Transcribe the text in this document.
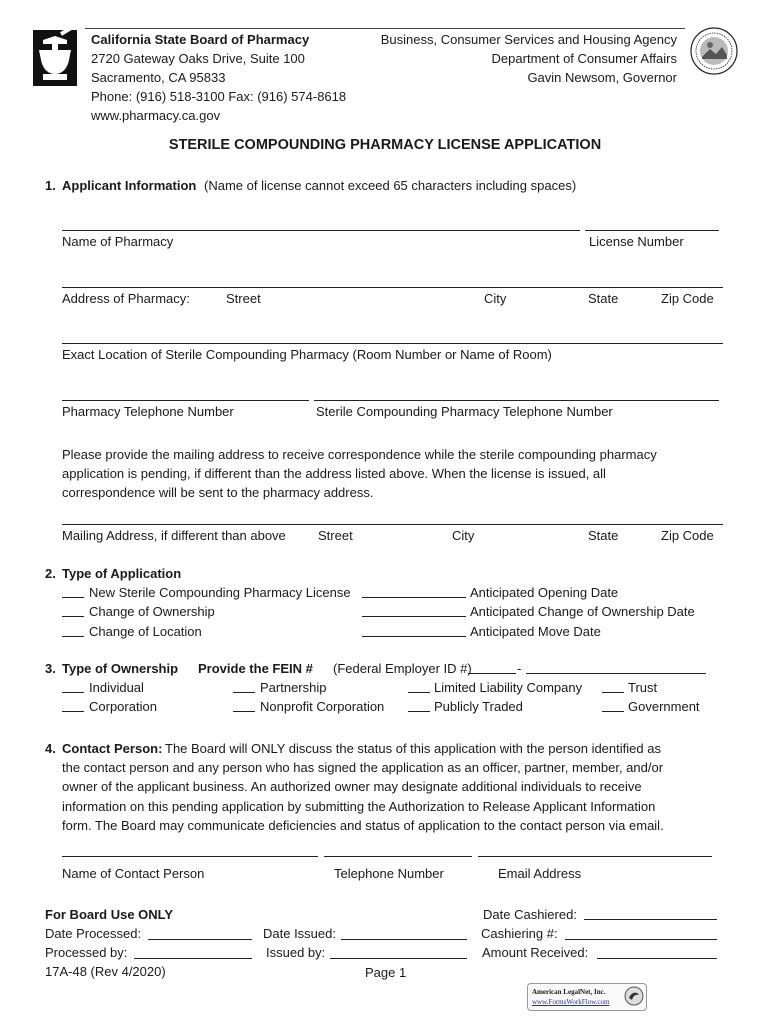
California State Board of Pharmacy
2720 Gateway Oaks Drive, Suite 100
Sacramento, CA 95833
Phone: (916) 518-3100 Fax: (916) 574-8618
www.pharmacy.ca.gov
Business, Consumer Services and Housing Agency
Department of Consumer Affairs
Gavin Newsom, Governor
STERILE COMPOUNDING PHARMACY LICENSE APPLICATION
1. Applicant Information (Name of license cannot exceed 65 characters including spaces)
Name of Pharmacy	License Number
Address of Pharmacy:	Street	City	State	Zip Code
Exact Location of Sterile Compounding Pharmacy (Room Number or Name of Room)
Pharmacy Telephone Number	Sterile Compounding Pharmacy Telephone Number
Please provide the mailing address to receive correspondence while the sterile compounding pharmacy
application is pending, if different than the address listed above. When the license is issued, all
correspondence will be sent to the pharmacy address.
Mailing Address, if different than above Street	City	State	Zip Code
2. Type of Application
New Sterile Compounding Pharmacy License	Anticipated Opening Date
Change of Ownership	Anticipated Change of Ownership Date
Change of Location	Anticipated Move Date
3. Type of Ownership Provide the FEIN # (Federal Employer ID #)	-
Individual	Partnership	Limited Liability Company	Trust
Corporation	Nonprofit Corporation	Publicly Traded	Government
4. Contact Person: The Board will ONLY discuss the status of this application with the person identified as
the contact person and any person who has signed the application as an officer, partner, member, and/or
owner of the applicant business. An authorized owner may designate additional individuals to receive
information on this pending application by submitting the Authorization to Release Applicant Information
form. The Board may communicate deficiencies and status of application to the contact person via email.
Name of Contact Person	Telephone Number	Email Address
For Board Use ONLY
Date Processed:
Processed by:
Date Issued:
Issued by:
Date Cashiered:
Cashiering #:
Amount Received:
17A-48 (Rev 4/2020)	Page 1
American LegalNet, Inc.
www.FormsWorkFlow.com
